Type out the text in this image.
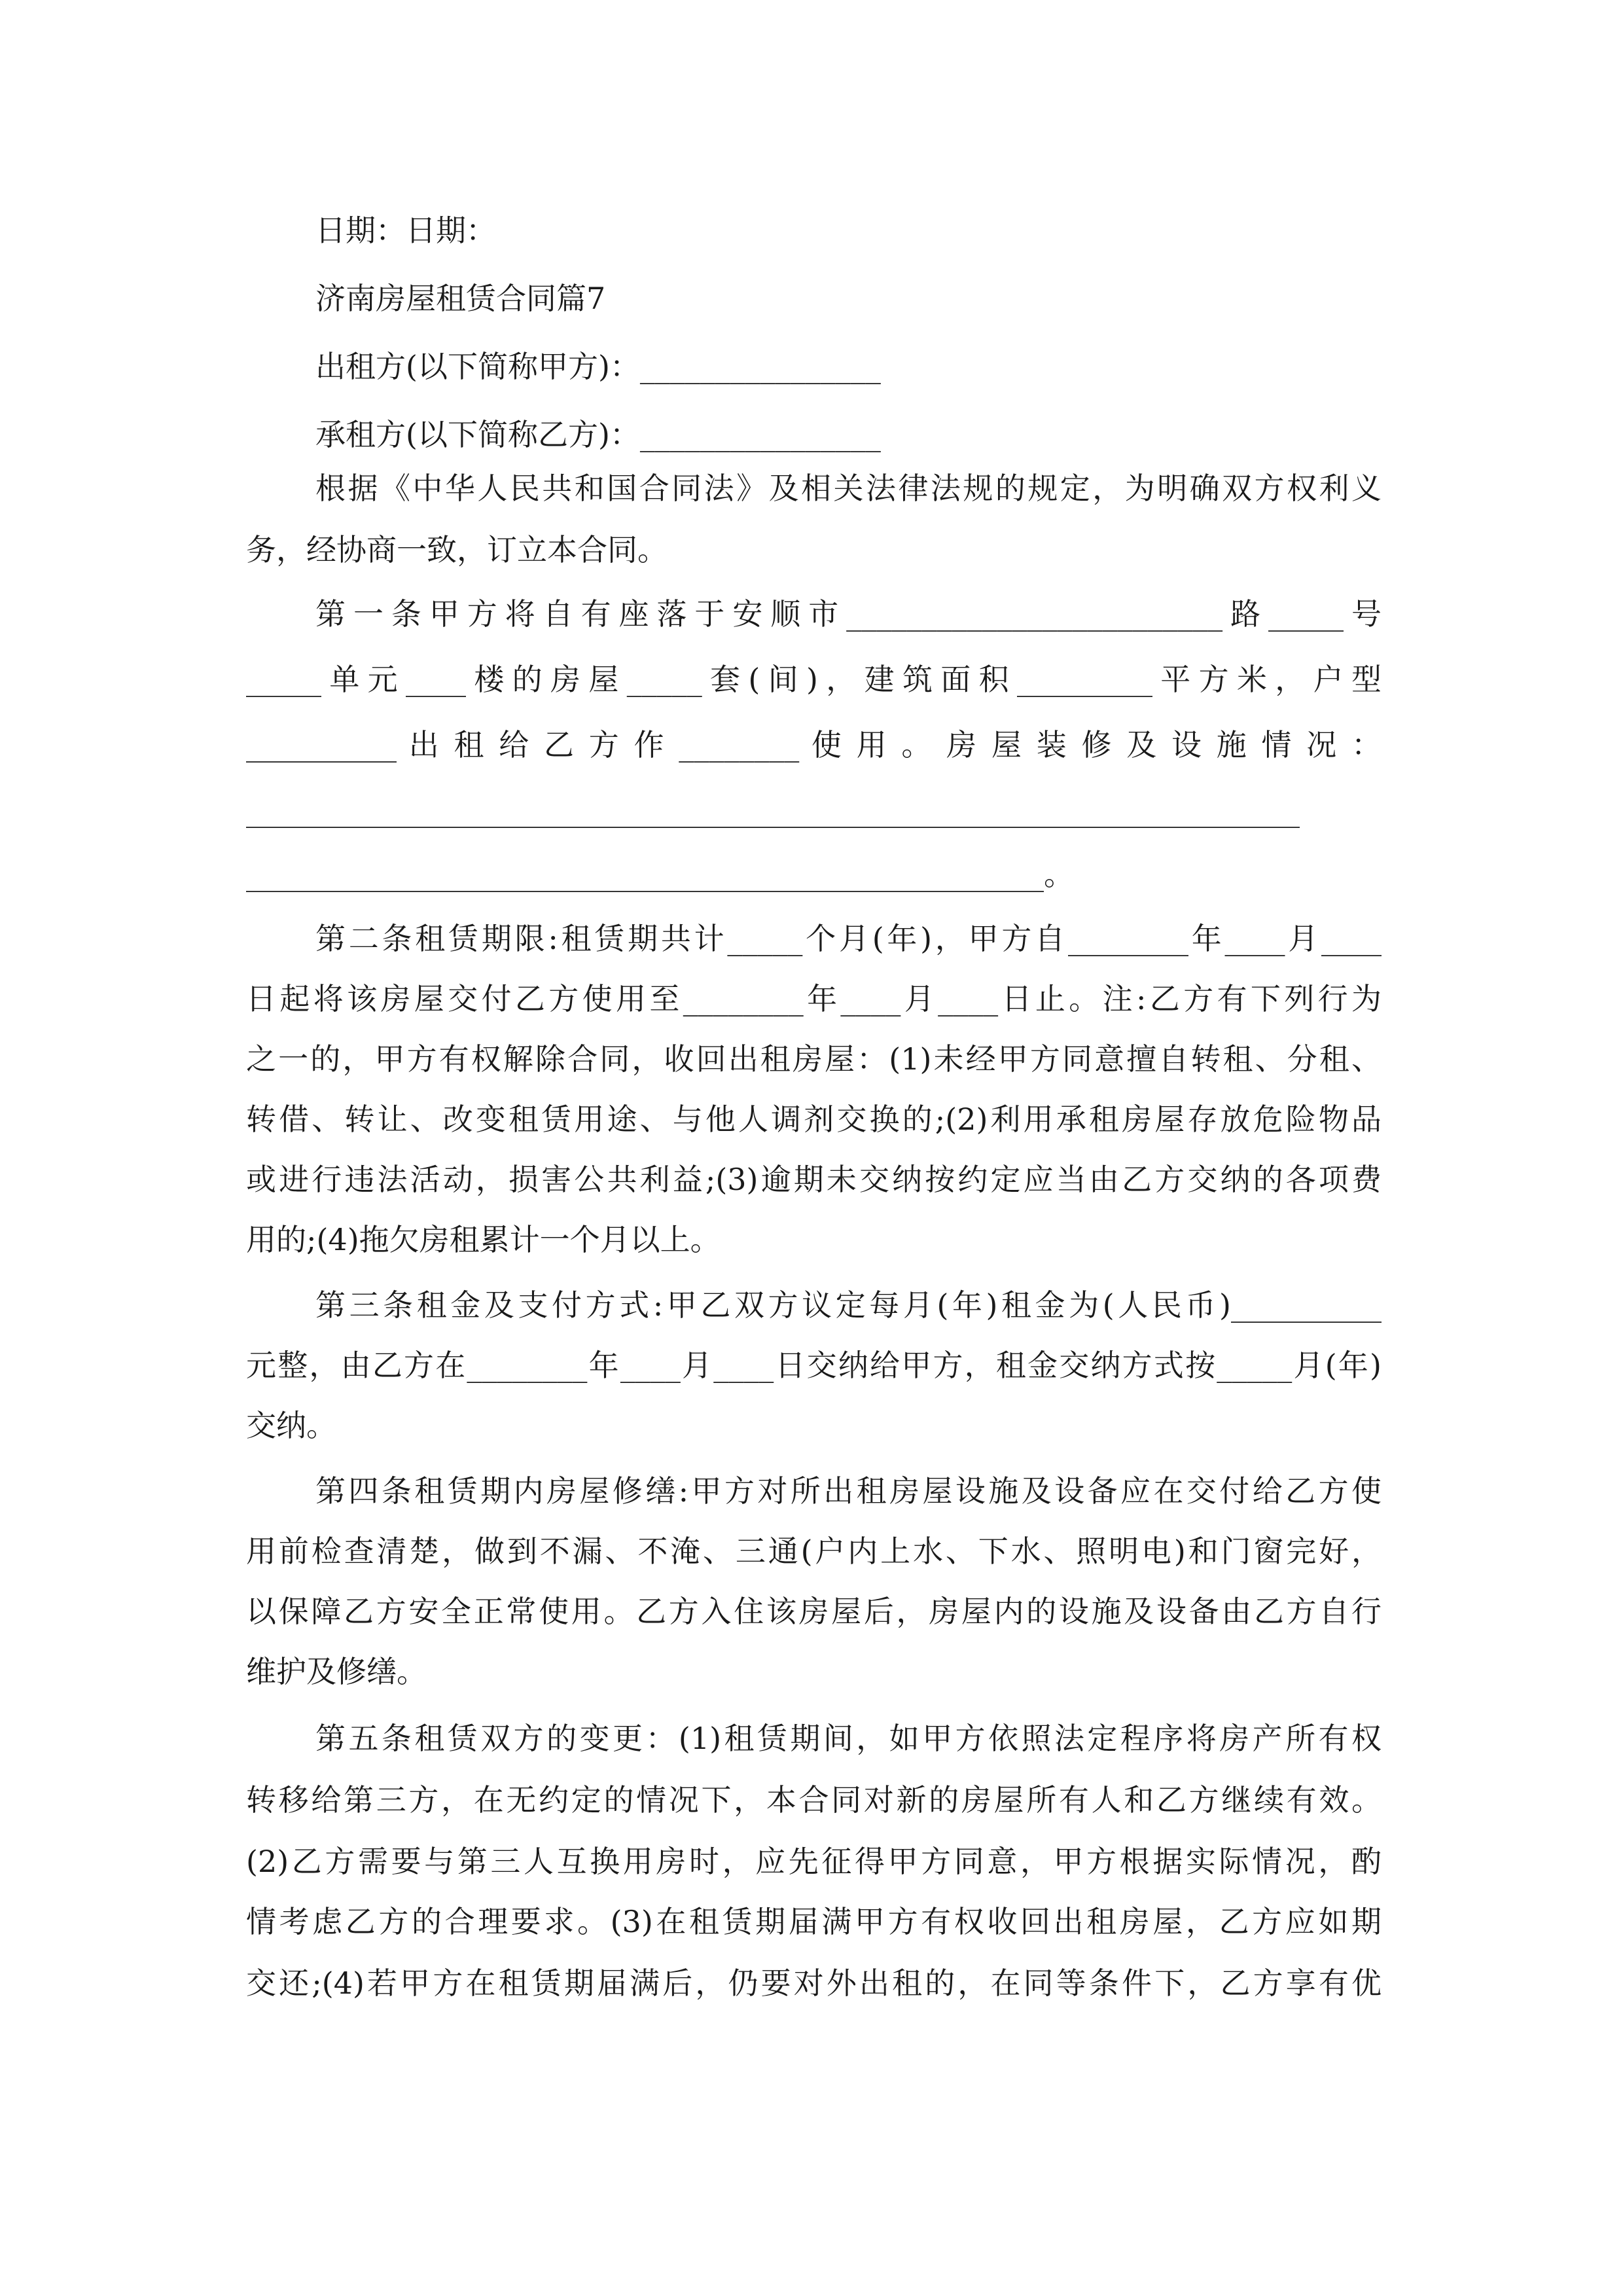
日期：日期：
济南房屋租赁合同篇7
出租方(以下简称甲方)：________________
承租方(以下简称乙方)：________________
根据《中华人民共和国合同法》及相关法律法规的规定，为明确双方权利义
务，经协商一致，订立本合同。
第一条甲方将自有座落于安顺市_________________________路_____号
_____单元____楼的房屋_____套(间)，建筑面积_________平方米，户型
__________ 出 租 给 乙 方 作 ________ 使 用 。 房 屋 装 修 及 设 施 情 况 ：
______________________________________________________________________
_____________________________________________________。
第二条租赁期限:租赁期共计_____个月(年)，甲方自________年____月____
日起将该房屋交付乙方使用至________年____月____日止。注:乙方有下列行为
之一的，甲方有权解除合同，收回出租房屋：(1)未经甲方同意擅自转租、分租、
转借、转让、改变租赁用途、与他人调剂交换的;(2)利用承租房屋存放危险物品
或进行违法活动，损害公共利益;(3)逾期未交纳按约定应当由乙方交纳的各项费
用的;(4)拖欠房租累计一个月以上。
第三条租金及支付方式:甲乙双方议定每月(年)租金为(人民币)__________
元整，由乙方在________年____月____日交纳给甲方，租金交纳方式按_____月(年)
交纳。
第四条租赁期内房屋修缮:甲方对所出租房屋设施及设备应在交付给乙方使
用前检查清楚，做到不漏、不淹、三通(户内上水、下水、照明电)和门窗完好，
以保障乙方安全正常使用。乙方入住该房屋后，房屋内的设施及设备由乙方自行
维护及修缮。
第五条租赁双方的变更：(1)租赁期间，如甲方依照法定程序将房产所有权
转移给第三方，在无约定的情况下，本合同对新的房屋所有人和乙方继续有效。
(2)乙方需要与第三人互换用房时，应先征得甲方同意，甲方根据实际情况，酌
情考虑乙方的合理要求。(3)在租赁期届满甲方有权收回出租房屋，乙方应如期
交还;(4)若甲方在租赁期届满后，仍要对外出租的，在同等条件下，乙方享有优
